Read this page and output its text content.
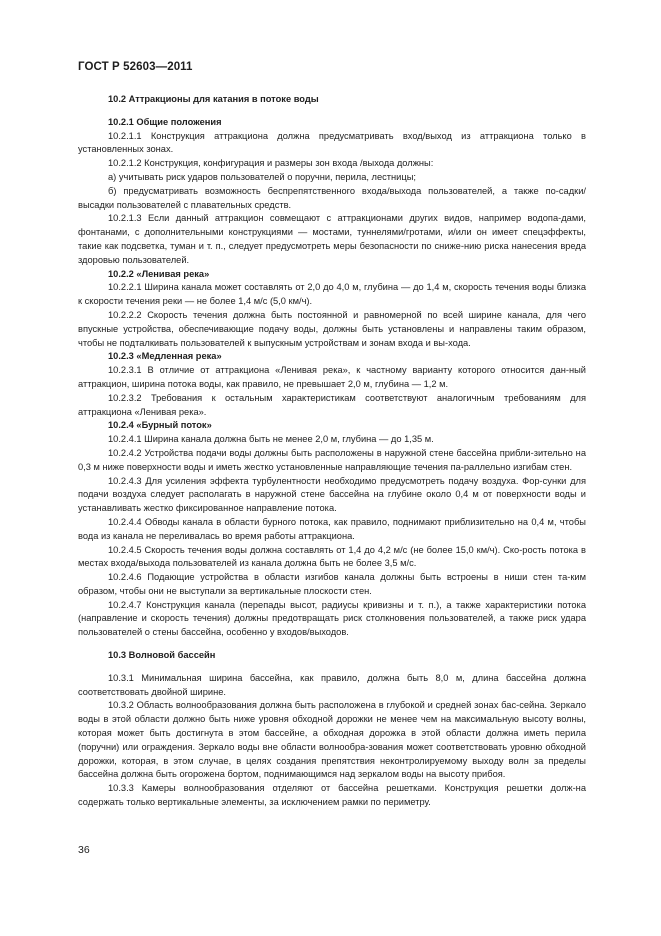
ГОСТ Р 52603—2011

10.2 Аттракционы для катания в потоке воды

10.2.1 Общие положения

10.2.1.1 Конструкция аттракциона должна предусматривать вход/выход из аттракциона только в установленных зонах.

10.2.1.2 Конструкция, конфигурация и размеры зон входа /выхода должны:

а) учитывать риск ударов пользователей о поручни, перила, лестницы;

б) предусматривать возможность беспрепятственного входа/выхода пользователей, а также по-садки/высадки пользователей с плавательных средств.

10.2.1.3 Если данный аттракцион совмещают с аттракционами других видов, например водопа-дами, фонтанами, с дополнительными конструкциями — мостами, туннелями/гротами, и/или он имеет спецэффекты, такие как подсветка, туман и т. п., следует предусмотреть меры безопасности по сниже-нию риска нанесения вреда здоровью пользователей.

10.2.2 «Ленивая река»

10.2.2.1 Ширина канала может составлять от 2,0 до 4,0 м, глубина — до 1,4 м, скорость течения воды близка к скорости течения реки — не более 1,4 м/с (5,0 км/ч).

10.2.2.2 Скорость течения должна быть постоянной и равномерной по всей ширине канала, для чего впускные устройства, обеспечивающие подачу воды, должны быть установлены и направлены таким образом, чтобы не подталкивать пользователей к выпускным устройствам и зонам входа и вы-хода.

10.2.3 «Медленная река»

10.2.3.1 В отличие от аттракциона «Ленивая река», к частному варианту которого относится дан-ный аттракцион, ширина потока воды, как правило, не превышает 2,0 м, глубина — 1,2 м.

10.2.3.2 Требования к остальным характеристикам соответствуют аналогичным требованиям для аттракциона «Ленивая река».

10.2.4 «Бурный поток»

10.2.4.1 Ширина канала должна быть не менее 2,0 м, глубина — до 1,35 м.

10.2.4.2 Устройства подачи воды должны быть расположены в наружной стене бассейна прибли-зительно на 0,3 м ниже поверхности воды и иметь жестко установленные направляющие течения па-раллельно изгибам стен.

10.2.4.3 Для усиления эффекта турбулентности необходимо предусмотреть подачу воздуха. Фор-сунки для подачи воздуха следует располагать в наружной стене бассейна на глубине около 0,4 м от поверхности воды и устанавливать жестко фиксированное направление потока.

10.2.4.4 Обводы канала в области бурного потока, как правило, поднимают приблизительно на 0,4 м, чтобы вода из канала не переливалась во время работы аттракциона.

10.2.4.5 Скорость течения воды должна составлять от 1,4 до 4,2 м/с (не более 15,0 км/ч). Ско-рость потока в местах входа/выхода пользователей из канала должна быть не более 3,5 м/с.

10.2.4.6 Подающие устройства в области изгибов канала должны быть встроены в ниши стен та-ким образом, чтобы они не выступали за вертикальные плоскости стен.

10.2.4.7 Конструкция канала (перепады высот, радиусы кривизны и т. п.), а также характеристики потока (направление и скорость течения) должны предотвращать риск столкновения пользователей, а также риск удара пользователей о стены бассейна, особенно у входов/выходов.

10.3 Волновой бассейн

10.3.1 Минимальная ширина бассейна, как правило, должна быть 8,0 м, длина бассейна должна соответствовать двойной ширине.

10.3.2 Область волнообразования должна быть расположена в глубокой и средней зонах бас-сейна. Зеркало воды в этой области должно быть ниже уровня обходной дорожки не менее чем на максимальную высоту волны, которая может быть достигнута в этом бассейне, а обходная дорожка в этой области должна иметь перила (поручни) или ограждения. Зеркало воды вне области волнообра-зования может соответствовать уровню обходной дорожки, которая, в этом случае, в целях создания препятствия неконтролируемому выходу волн за пределы бассейна должна быть огорожена бортом, поднимающимся над зеркалом воды на высоту прибоя.

10.3.3 Камеры волнообразования отделяют от бассейна решетками. Конструкция решетки долж-на содержать только вертикальные элементы, за исключением рамки по периметру.

36
